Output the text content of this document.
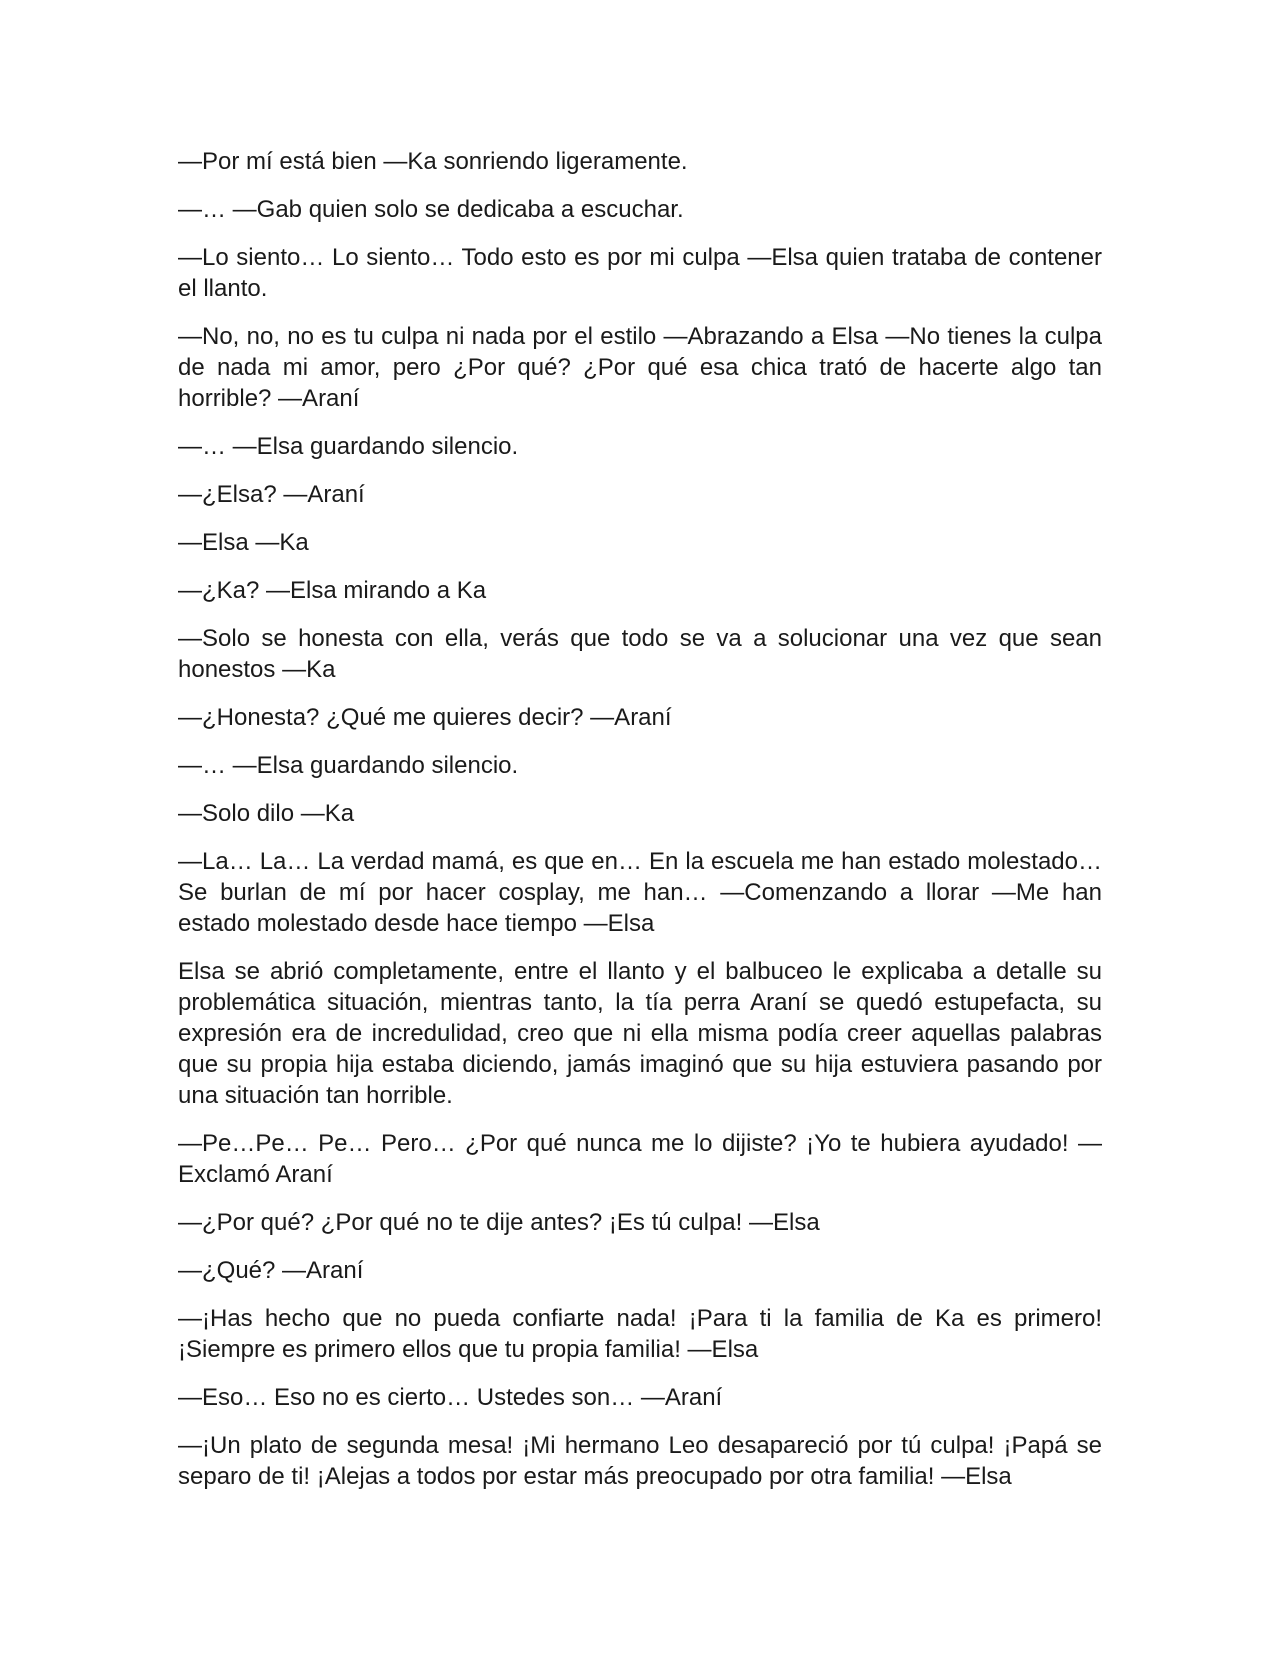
—Por mí está bien —Ka sonriendo ligeramente.

—… —Gab quien solo se dedicaba a escuchar.

—Lo siento… Lo siento… Todo esto es por mi culpa —Elsa quien trataba de contener el llanto.

—No, no, no es tu culpa ni nada por el estilo —Abrazando a Elsa —No tienes la culpa de nada mi amor, pero ¿Por qué? ¿Por qué esa chica trató de hacerte algo tan horrible? —Araní

—… —Elsa guardando silencio.

—¿Elsa? —Araní

—Elsa —Ka

—¿Ka? —Elsa mirando a Ka

—Solo se honesta con ella, verás que todo se va a solucionar una vez que sean honestos —Ka

—¿Honesta? ¿Qué me quieres decir? —Araní

—… —Elsa guardando silencio.

—Solo dilo —Ka

—La… La… La verdad mamá, es que en… En la escuela me han estado molestado… Se burlan de mí por hacer cosplay, me han… —Comenzando a llorar —Me han estado molestado desde hace tiempo —Elsa

Elsa se abrió completamente, entre el llanto y el balbuceo le explicaba a detalle su problemática situación, mientras tanto, la tía perra Araní se quedó estupefacta, su expresión era de incredulidad, creo que ni ella misma podía creer aquellas palabras que su propia hija estaba diciendo, jamás imaginó que su hija estuviera pasando por una situación tan horrible.

—Pe…Pe… Pe… Pero… ¿Por qué nunca me lo dijiste? ¡Yo te hubiera ayudado! —Exclamó Araní

—¿Por qué? ¿Por qué no te dije antes? ¡Es tú culpa! —Elsa

—¿Qué? —Araní

—¡Has hecho que no pueda confiarte nada! ¡Para ti la familia de Ka es primero! ¡Siempre es primero ellos que tu propia familia! —Elsa

—Eso… Eso no es cierto… Ustedes son… —Araní

—¡Un plato de segunda mesa! ¡Mi hermano Leo desapareció por tú culpa! ¡Papá se separo de ti! ¡Alejas a todos por estar más preocupado por otra familia! —Elsa
